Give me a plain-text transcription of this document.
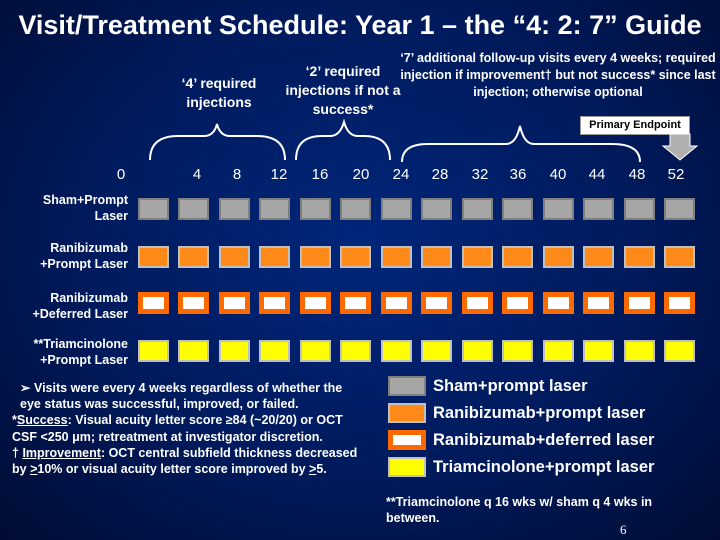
Visit/Treatment Schedule: Year 1 – the “4: 2: 7” Guide
‘4’ required injections
‘2’ required injections if not a success*
‘7’ additional follow-up visits every 4 weeks; required injection if improvement† but not success* since last injection; otherwise optional
Primary Endpoint
0	4	8	12	16	20	24	28	32	36	40	44	48	52
Sham+Prompt Laser
Ranibizumab +Prompt Laser
Ranibizumab +Deferred Laser
**Triamcinolone +Prompt Laser

➢ Visits were every 4 weeks regardless of whether the eye status was successful, improved, or failed.

*Success: Visual acuity letter score ≥84 (~20/20) or OCT CSF <250 μm; retreatment at investigator discretion.

† Improvement: OCT central subfield thickness decreased by >10% or visual acuity letter score improved by >5.

Sham+prompt laser
Ranibizumab+prompt laser
Ranibizumab+deferred laser
Triamcinolone+prompt laser
**Triamcinolone q 16 wks w/ sham q 4 wks in between.
6
